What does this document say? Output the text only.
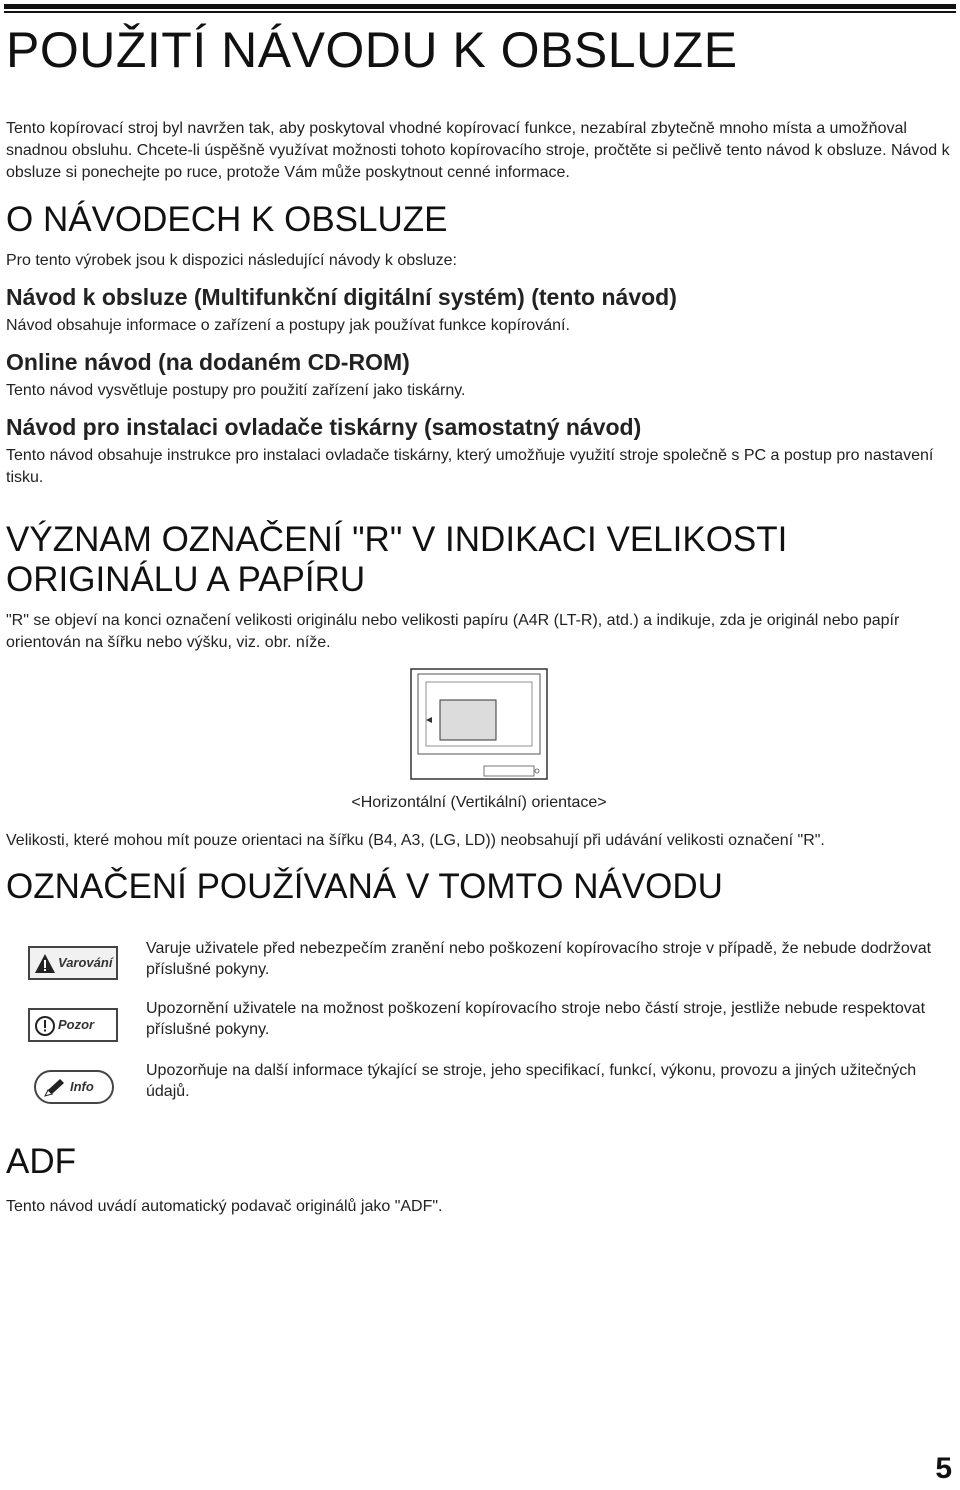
POUŽITÍ NÁVODU K OBSLUZE

Tento kopírovací stroj byl navržen tak, aby poskytoval vhodné kopírovací funkce, nezabíral zbytečně mnoho místa a umožňoval snadnou obsluhu. Chcete-li úspěšně využívat možnosti tohoto kopírovacího stroje, pročtěte si pečlivě tento návod k obsluze. Návod k obsluze si ponechejte po ruce, protože Vám může poskytnout cenné informace.

O NÁVODECH K OBSLUZE

Pro tento výrobek jsou k dispozici následující návody k obsluze:

Návod k obsluze (Multifunkční digitální systém) (tento návod)

Návod obsahuje informace o zařízení a postupy jak používat funkce kopírování.

Online návod (na dodaném CD-ROM)

Tento návod vysvětluje postupy pro použití zařízení jako tiskárny.

Návod pro instalaci ovladače tiskárny (samostatný návod)

Tento návod obsahuje instrukce pro instalaci ovladače tiskárny, který umožňuje využití stroje společně s PC a postup pro nastavení tisku.

VÝZNAM OZNAČENÍ "R" V INDIKACI VELIKOSTI ORIGINÁLU A PAPÍRU

"R" se objeví na konci označení velikosti originálu nebo velikosti papíru (A4R (LT-R), atd.) a indikuje, zda je originál nebo papír orientován na šířku nebo výšku, viz. obr. níže.

<Horizontální (Vertikální) orientace>

Velikosti, které mohou mít pouze orientaci na šířku (B4, A3, (LG, LD)) neobsahují při udávání velikosti označení "R".

OZNAČENÍ POUŽÍVANÁ V TOMTO NÁVODU
Varování

Varuje uživatele před nebezpečím zranění nebo poškození kopírovacího stroje v případě, že nebude dodržovat příslušné pokyny.

Pozor

Upozornění uživatele na možnost poškození kopírovacího stroje nebo částí stroje, jestliže nebude respektovat příslušné pokyny.

Info

Upozorňuje na další informace týkající se stroje, jeho specifikací, funkcí, výkonu, provozu a jiných užitečných údajů.

ADF

Tento návod uvádí automatický podavač originálů jako "ADF".

5
